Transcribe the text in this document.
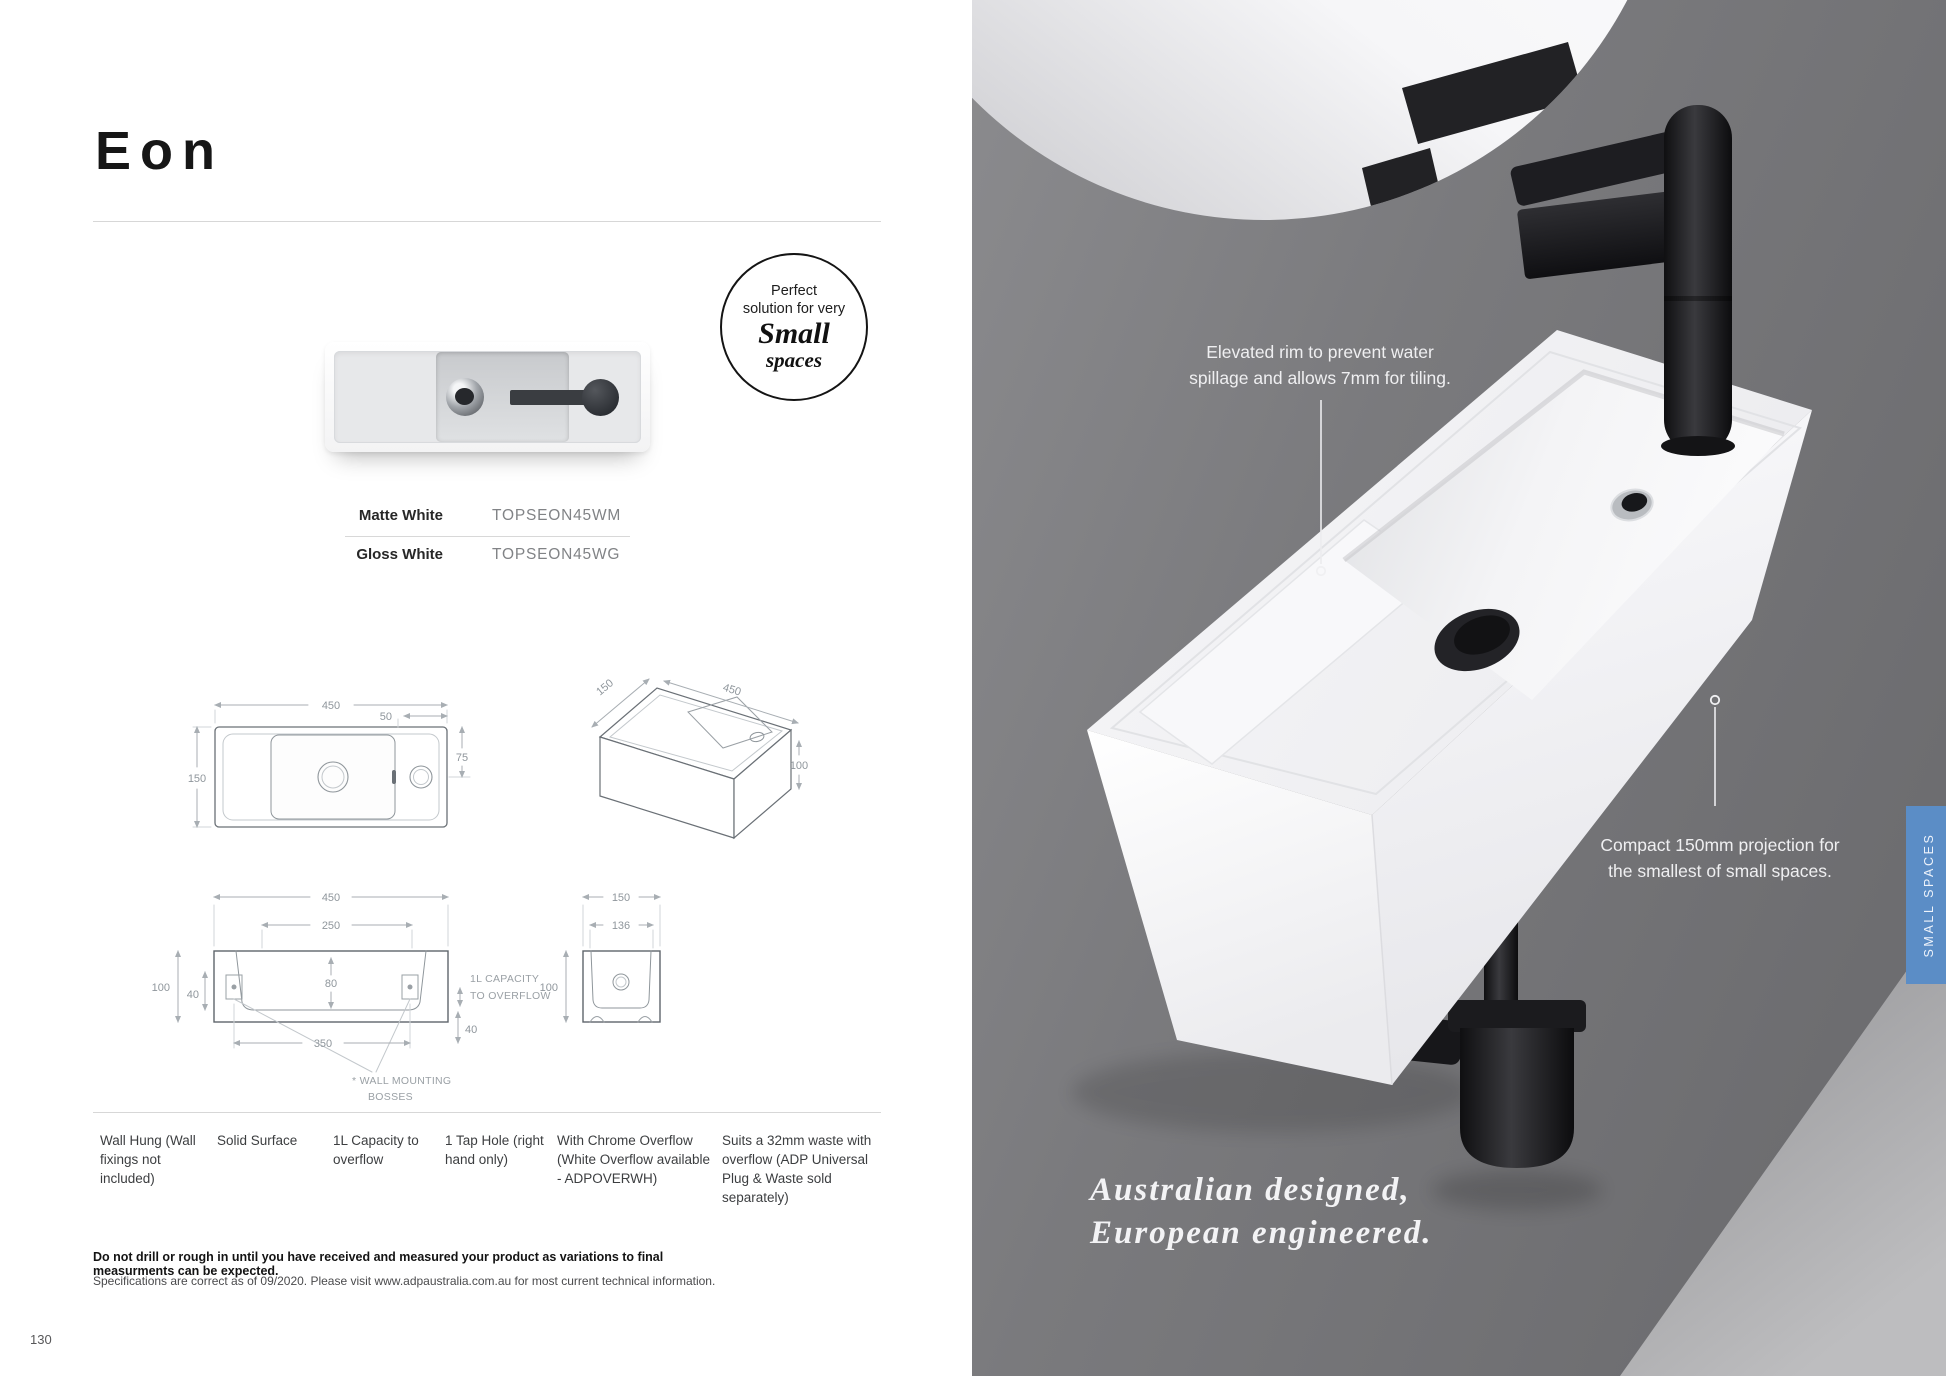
Eon
Perfect
solution for very
Small
spaces
Matte White	TOPSEON45WM
Gloss White	TOPSEON45WG
450
50
150
75
150	450
100
450
250
80
100
40
350
40
1L CAPACITY
TO OVERFLOW
* WALL MOUNTING
BOSSES
150
136
100
Wall Hung (Wall fixings not included)
Solid Surface	1L Capacity to overflow
1 Tap Hole (right hand only)
With Chrome Overflow (White Overflow available - ADPOVERWH)
Suits a 32mm waste with overflow (ADP Universal Plug & Waste sold separately)
Do not drill or rough in until you have received and measured your product as variations to final measurments can be expected.
Specifications are correct as of 09/2020. Please visit www.adpaustralia.com.au for most current technical information.
130
Elevated rim to prevent water
spillage and allows 7mm for tiling.
Compact 150mm projection for
the smallest of small spaces.
Australian designed,
European engineered.
SMALL SPACES
